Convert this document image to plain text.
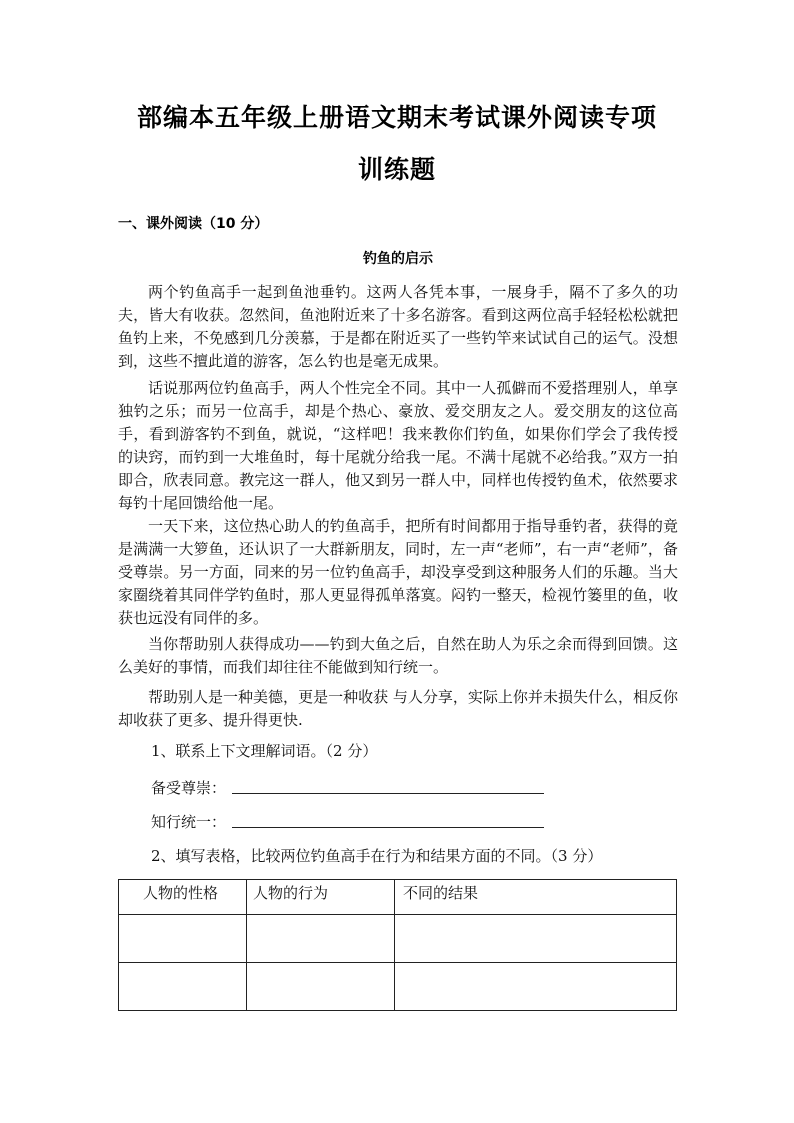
部编本五年级上册语文期末考试课外阅读专项
训练题
一、课外阅读（10 分）
钓鱼的启示

两个钓鱼高手一起到鱼池垂钓。这两人各凭本事，一展身手，隔不了多久的功夫，皆大有收获。忽然间，鱼池附近来了十多名游客。看到这两位高手轻轻松松就把鱼钓上来，不免感到几分羡慕，于是都在附近买了一些钓竿来试试自己的运气。没想到，这些不擅此道的游客，怎么钓也是毫无成果。

话说那两位钓鱼高手，两人个性完全不同。其中一人孤僻而不爱搭理别人，单享独钓之乐；而另一位高手，却是个热心、豪放、爱交朋友之人。爱交朋友的这位高手，看到游客钓不到鱼，就说，“这样吧！我来教你们钓鱼，如果你们学会了我传授的诀窍，而钓到一大堆鱼时，每十尾就分给我一尾。不满十尾就不必给我。”双方一拍即合，欣表同意。教完这一群人，他又到另一群人中，同样也传授钓鱼术，依然要求每钓十尾回馈给他一尾。

一天下来，这位热心助人的钓鱼高手，把所有时间都用于指导垂钓者，获得的竟是满满一大箩鱼，还认识了一大群新朋友，同时，左一声“老师”，右一声“老师”，备受尊崇。另一方面，同来的另一位钓鱼高手，却没享受到这种服务人们的乐趣。当大家圈绕着其同伴学钓鱼时，那人更显得孤单落寞。闷钓一整天，检视竹篓里的鱼，收获也远没有同伴的多。

当你帮助别人获得成功——钓到大鱼之后，自然在助人为乐之余而得到回馈。这么美好的事情，而我们却往往不能做到知行统一。

帮助别人是一种美德，更是一种收获 与人分享，实际上你并未损失什么，相反你却收获了更多、提升得更快.

1、联系上下文理解词语。（2 分）
备受尊崇：
知行统一：
2、填写表格，比较两位钓鱼高手在行为和结果方面的不同。（3 分）
人物的性格	人物的行为	不同的结果
